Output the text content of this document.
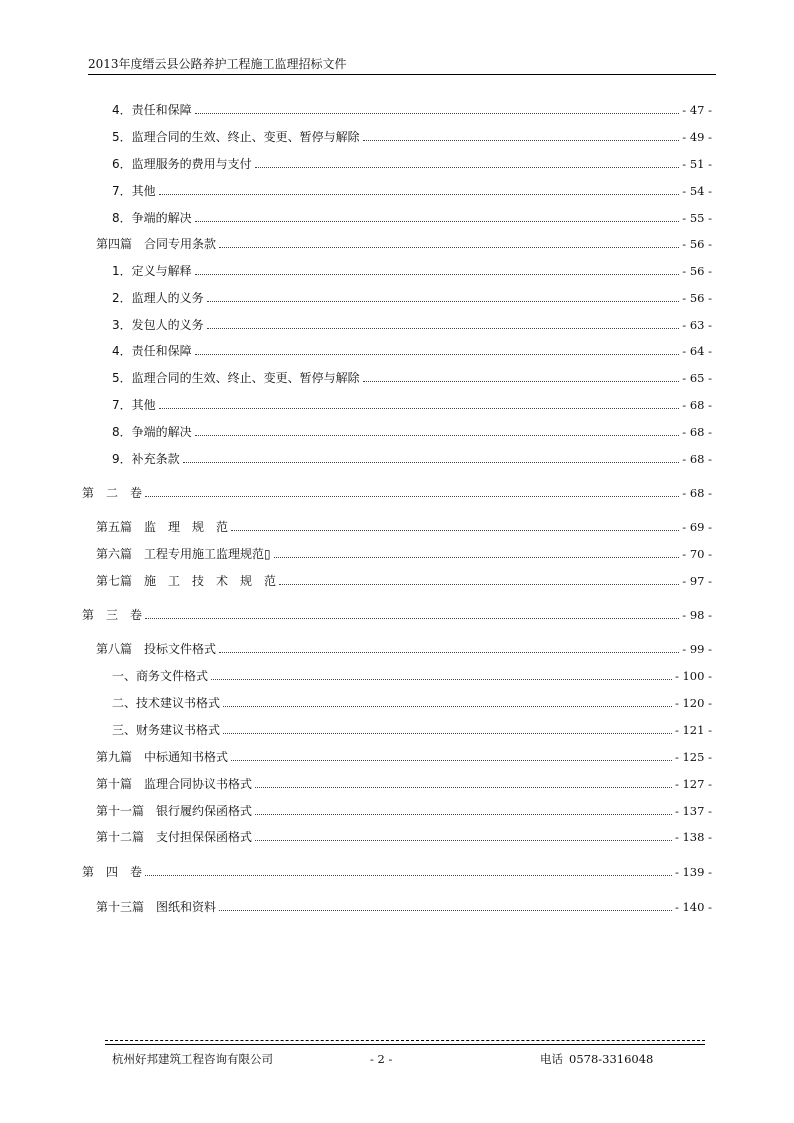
2013年度缙云县公路养护工程施工监理招标文件
4．责任和保障	- 47 -
5．监理合同的生效、终止、变更、暂停与解除	- 49 -
6．监理服务的费用与支付	- 51 -
7．其他	- 54 -
8．争端的解决	- 55 -
第四篇　合同专用条款	- 56 -
1．定义与解释	- 56 -
2．监理人的义务	- 56 -
3．发包人的义务	- 63 -
4．责任和保障	- 64 -
5．监理合同的生效、终止、变更、暂停与解除	- 65 -
7．其他	- 68 -
8．争端的解决	- 68 -
9．补充条款	- 68 -
第　二　卷	- 68 -
第五篇　监　理　规　范	- 69 -
第六篇　工程专用施工监理规范▯	- 70 -
第七篇　施　工　技　术　规　范	- 97 -
第　三　卷	- 98 -
第八篇　投标文件格式	- 99 -
一、商务文件格式	- 100 -
二、技术建议书格式	- 120 -
三、财务建议书格式	- 121 -
第九篇　中标通知书格式	- 125 -
第十篇　监理合同协议书格式	- 127 -
第十一篇　银行履约保函格式	- 137 -
第十二篇　支付担保保函格式	- 138 -
第　四　卷	- 139 -
第十三篇　图纸和资料	- 140 -
杭州好邦建筑工程咨询有限公司	- 2 -	电话 0578-3316048
